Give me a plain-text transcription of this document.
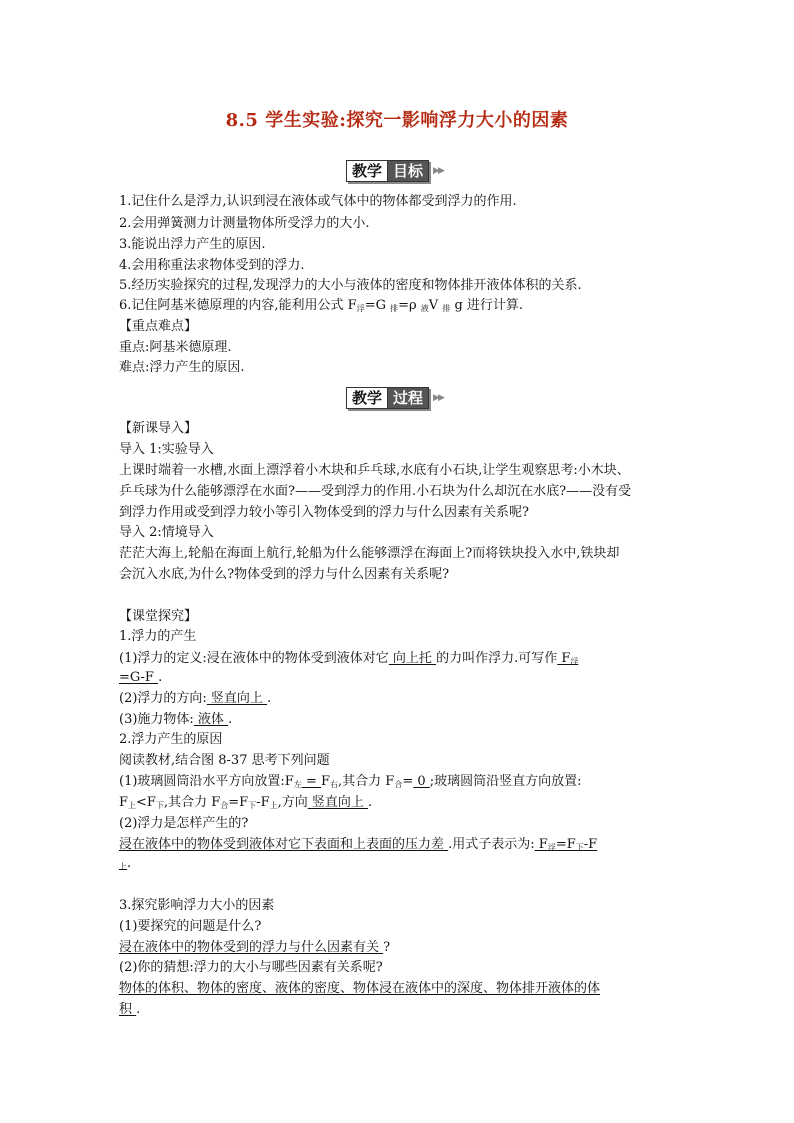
8.5 学生实验:探究一影响浮力大小的因素
教学 目标	▶▶
1.记住什么是浮力,认识到浸在液体或气体中的物体都受到浮力的作用.
2.会用弹簧测力计测量物体所受浮力的大小.
3.能说出浮力产生的原因.
4.会用称重法求物体受到的浮力.
5.经历实验探究的过程,发现浮力的大小与液体的密度和物体排开液体体积的关系.
6.记住阿基米德原理的内容,能利用公式 $F_浮=G$ $_排$=ρ $_液$V $_排$ g 进行计算.
【重点难点】
重点:阿基米德原理.
难点:浮力产生的原因.
教学 过程	▶▶
【新课导入】
导入 1:实验导入
上课时端着一水槽,水面上漂浮着小木块和乒乓球,水底有小石块,让学生观察思考:小木块、
乒乓球为什么能够漂浮在水面?——受到浮力的作用.小石块为什么却沉在水底?——没有受
到浮力作用或受到浮力较小等引入物体受到的浮力与什么因素有关系呢?
导入 2:情境导入
茫茫大海上,轮船在海面上航行,轮船为什么能够漂浮在海面上?而将铁块投入水中,铁块却
会沉入水底,为什么?物体受到的浮力与什么因素有关系呢?
【课堂探究】
1.浮力的产生
(1)浮力的定义:浸在液体中的物体受到液体对它 向上托 的力叫作浮力.可写作 $F_浮$
=G-F .
(2)浮力的方向: 竖直向上 .
(3)施力物体: 液体 .
2.浮力产生的原因
阅读教材,结合图 8-37 思考下列问题
(1)玻璃圆筒沿水平方向放置$:F_左 = F_右$,其合力 $F_合= 0$ ;玻璃圆筒沿竖直方向放置:
$F_上<F_下$,其合力 $F_合=F_下-F_上$,方向 竖直向上 .
(2)浮力是怎样产生的?
浸在液体中的物体受到液体对它下表面和上表面的压力差 .用式子表示为: $F_浮=F_下-F$
$_上$.
3.探究影响浮力大小的因素
(1)要探究的问题是什么?
浸在液体中的物体受到的浮力与什么因素有关 ?
(2)你的猜想:浮力的大小与哪些因素有关系呢?
物体的体积、物体的密度、液体的密度、物体浸在液体中的深度、物体排开液体的体
积 .
